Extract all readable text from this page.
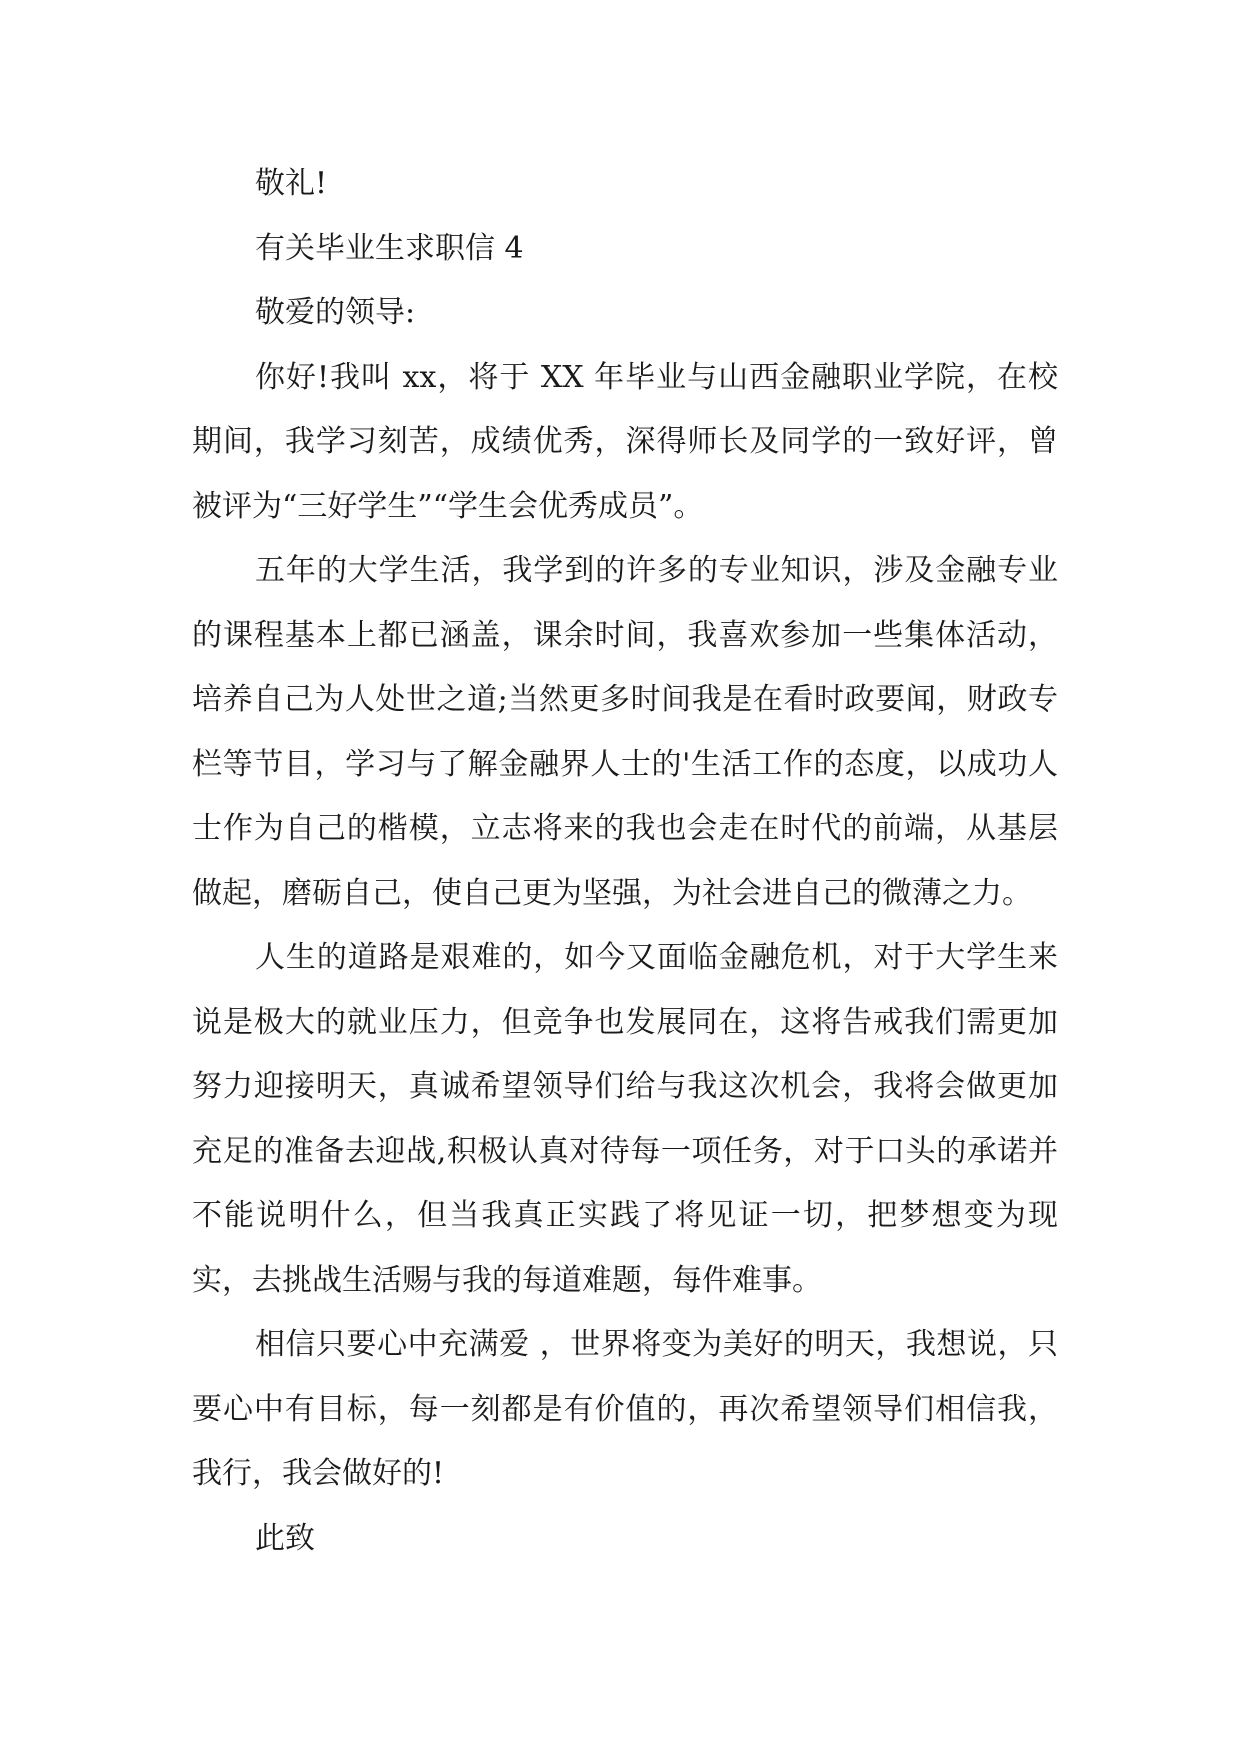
敬礼!

有关毕业生求职信 4

敬爱的领导:

你好!我叫 xx，将于 XX 年毕业与山西金融职业学院，在校期间，我学习刻苦，成绩优秀，深得师长及同学的一致好评，曾被评为“三好学生”“学生会优秀成员”。

五年的大学生活，我学到的许多的专业知识，涉及金融专业的课程基本上都已涵盖，课余时间，我喜欢参加一些集体活动，培养自己为人处世之道;当然更多时间我是在看时政要闻，财政专栏等节目，学习与了解金融界人士的'生活工作的态度，以成功人士作为自己的楷模，立志将来的我也会走在时代的前端，从基层做起，磨砺自己，使自己更为坚强，为社会进自己的微薄之力。

人生的道路是艰难的，如今又面临金融危机，对于大学生来说是极大的就业压力，但竞争也发展同在，这将告戒我们需更加努力迎接明天，真诚希望领导们给与我这次机会，我将会做更加充足的准备去迎战,积极认真对待每一项任务，对于口头的承诺并不能说明什么，但当我真正实践了将见证一切，把梦想变为现实，去挑战生活赐与我的每道难题，每件难事。

相信只要心中充满爱 ，世界将变为美好的明天，我想说，只要心中有目标，每一刻都是有价值的，再次希望领导们相信我，我行，我会做好的!

此致
